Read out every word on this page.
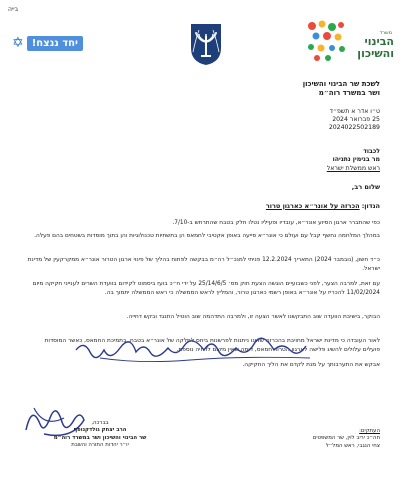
בייה
✡ יחד ננצח!
משרד
הבינוי
והשיכון
לשכת שר הבינוי והשיכון
ושר במשרד רוה״מ
ט״ו אדר א תשפ״ד
25 פברואר 2024
2024022502189
לכבוד
מר בנימין נתניהו
ראש ממשלת ישראל
שלום רב,
הנדון: הכרזה על אונר״א כארגון טרור
כפי שהתברר ארגון הסיוע אונר״א, עובדיו ופעיליו נטלו חלק בטבח שהתרחש ב-7/10.
במהלך המלחמה נחשף קבל עם ועולם כי אונר״א סייעה באופן אקטיבי לחמאס הן בתשתיות טכנולוגיות והן בתוך מוסדות בשטחים בהם פעלה.
כ״ד חשון, (נובמבר 2024) התאריך 12.2.2024 פניתי למנכ״ל רה״מ בבקשה לפתוח בהליך של פינוי ארגון הטרור אונר״א ממקרקעין של מדינת ישראל.
עם זאת, למרבה הצער, לפני כשבועיים הוגשה הצעת חוק מס׳ 25/14/6/5 על ידי ח״כ בועז ביסמוט לקידום בוועדת השרים לענייני חקיקה מיום 11/02/2024 להכריז על אונר״א באופן רשמי כארגון טרור, והמליץ לראש הממשלה כי ראש הממשלה יתמוך בה.
הבוקר, בישיבת הוועדה שוב התבקשנו לאשר הצעה זו, ולמרבה התדהמה שוב הוטיל התנגד ובקש דחייה.
לאור העובדה כי מדינת ישראל מחויבת בהכרזה שאינו ניתנות לפרשנות ביחס לתלקה של אונר״א בטבח, בתמיכת החמאס, כאשר המוסדות פועלים עלולים להשיג פלישה לארגון הטרור חמאס, דומה שאין מקום לדחיה נוספת.
אבקש את התערבותך על מנת לקדם את הליך החקיקה.
בברכה,
הרב יצחק גולדקנופף
שר הבינוי והשיכון ושר במשרד רוה״מ
יו״ר יהדות התורה והשבת
העתקים:
חה״כ יריב לוין, שר המשפטים
צחי הנגבי, ראש המל״ל
